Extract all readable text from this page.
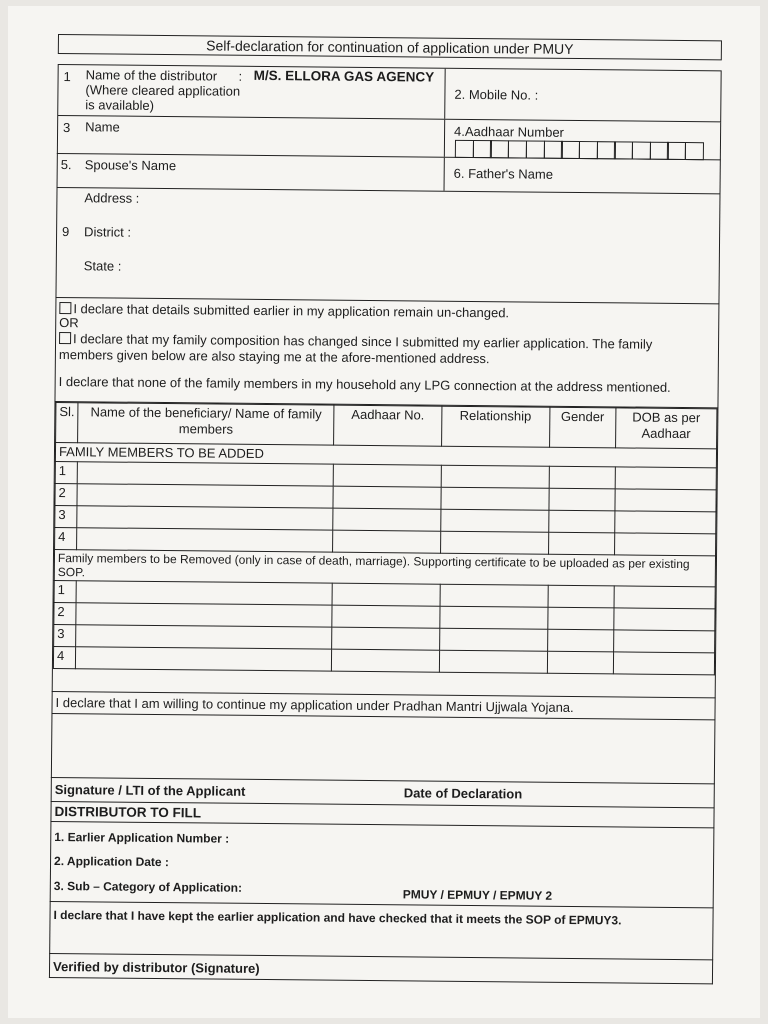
Self-declaration for continuation of application under PMUY
1 Name of the distributor
(Where cleared application
is available)
: M/S. ELLORA GAS AGENCY
2. Mobile No. :
3 Name	4.Aadhaar Number
5. Spouse's Name
6. Father's Name
Address :
9 District :
State :
I declare that details submitted earlier in my application remain un-changed.
OR
I declare that my family composition has changed since I submitted my earlier application. The family members given below are also staying me at the afore-mentioned address.
I declare that none of the family members in my household any LPG connection at the address mentioned.
Sl.	Name of the beneficiary/ Name of family members	Aadhaar No.	Relationship	Gender	DOB as per Aadhaar
FAMILY MEMBERS TO BE ADDED					
1					
2					
3					
4					
Family members to be Removed (only in case of death, marriage). Supporting certificate to be uploaded as per existing SOP.					
1					
2					
3					
4					
I declare that I am willing to continue my application under Pradhan Mantri Ujjwala Yojana.
Signature / LTI of the Applicant	Date of Declaration
DISTRIBUTOR TO FILL
1. Earlier Application Number :
2. Application Date :
3. Sub – Category of Application:
PMUY / EPMUY / EPMUY 2
I declare that I have kept the earlier application and have checked that it meets the SOP of EPMUY3.
Verified by distributor (Signature)
